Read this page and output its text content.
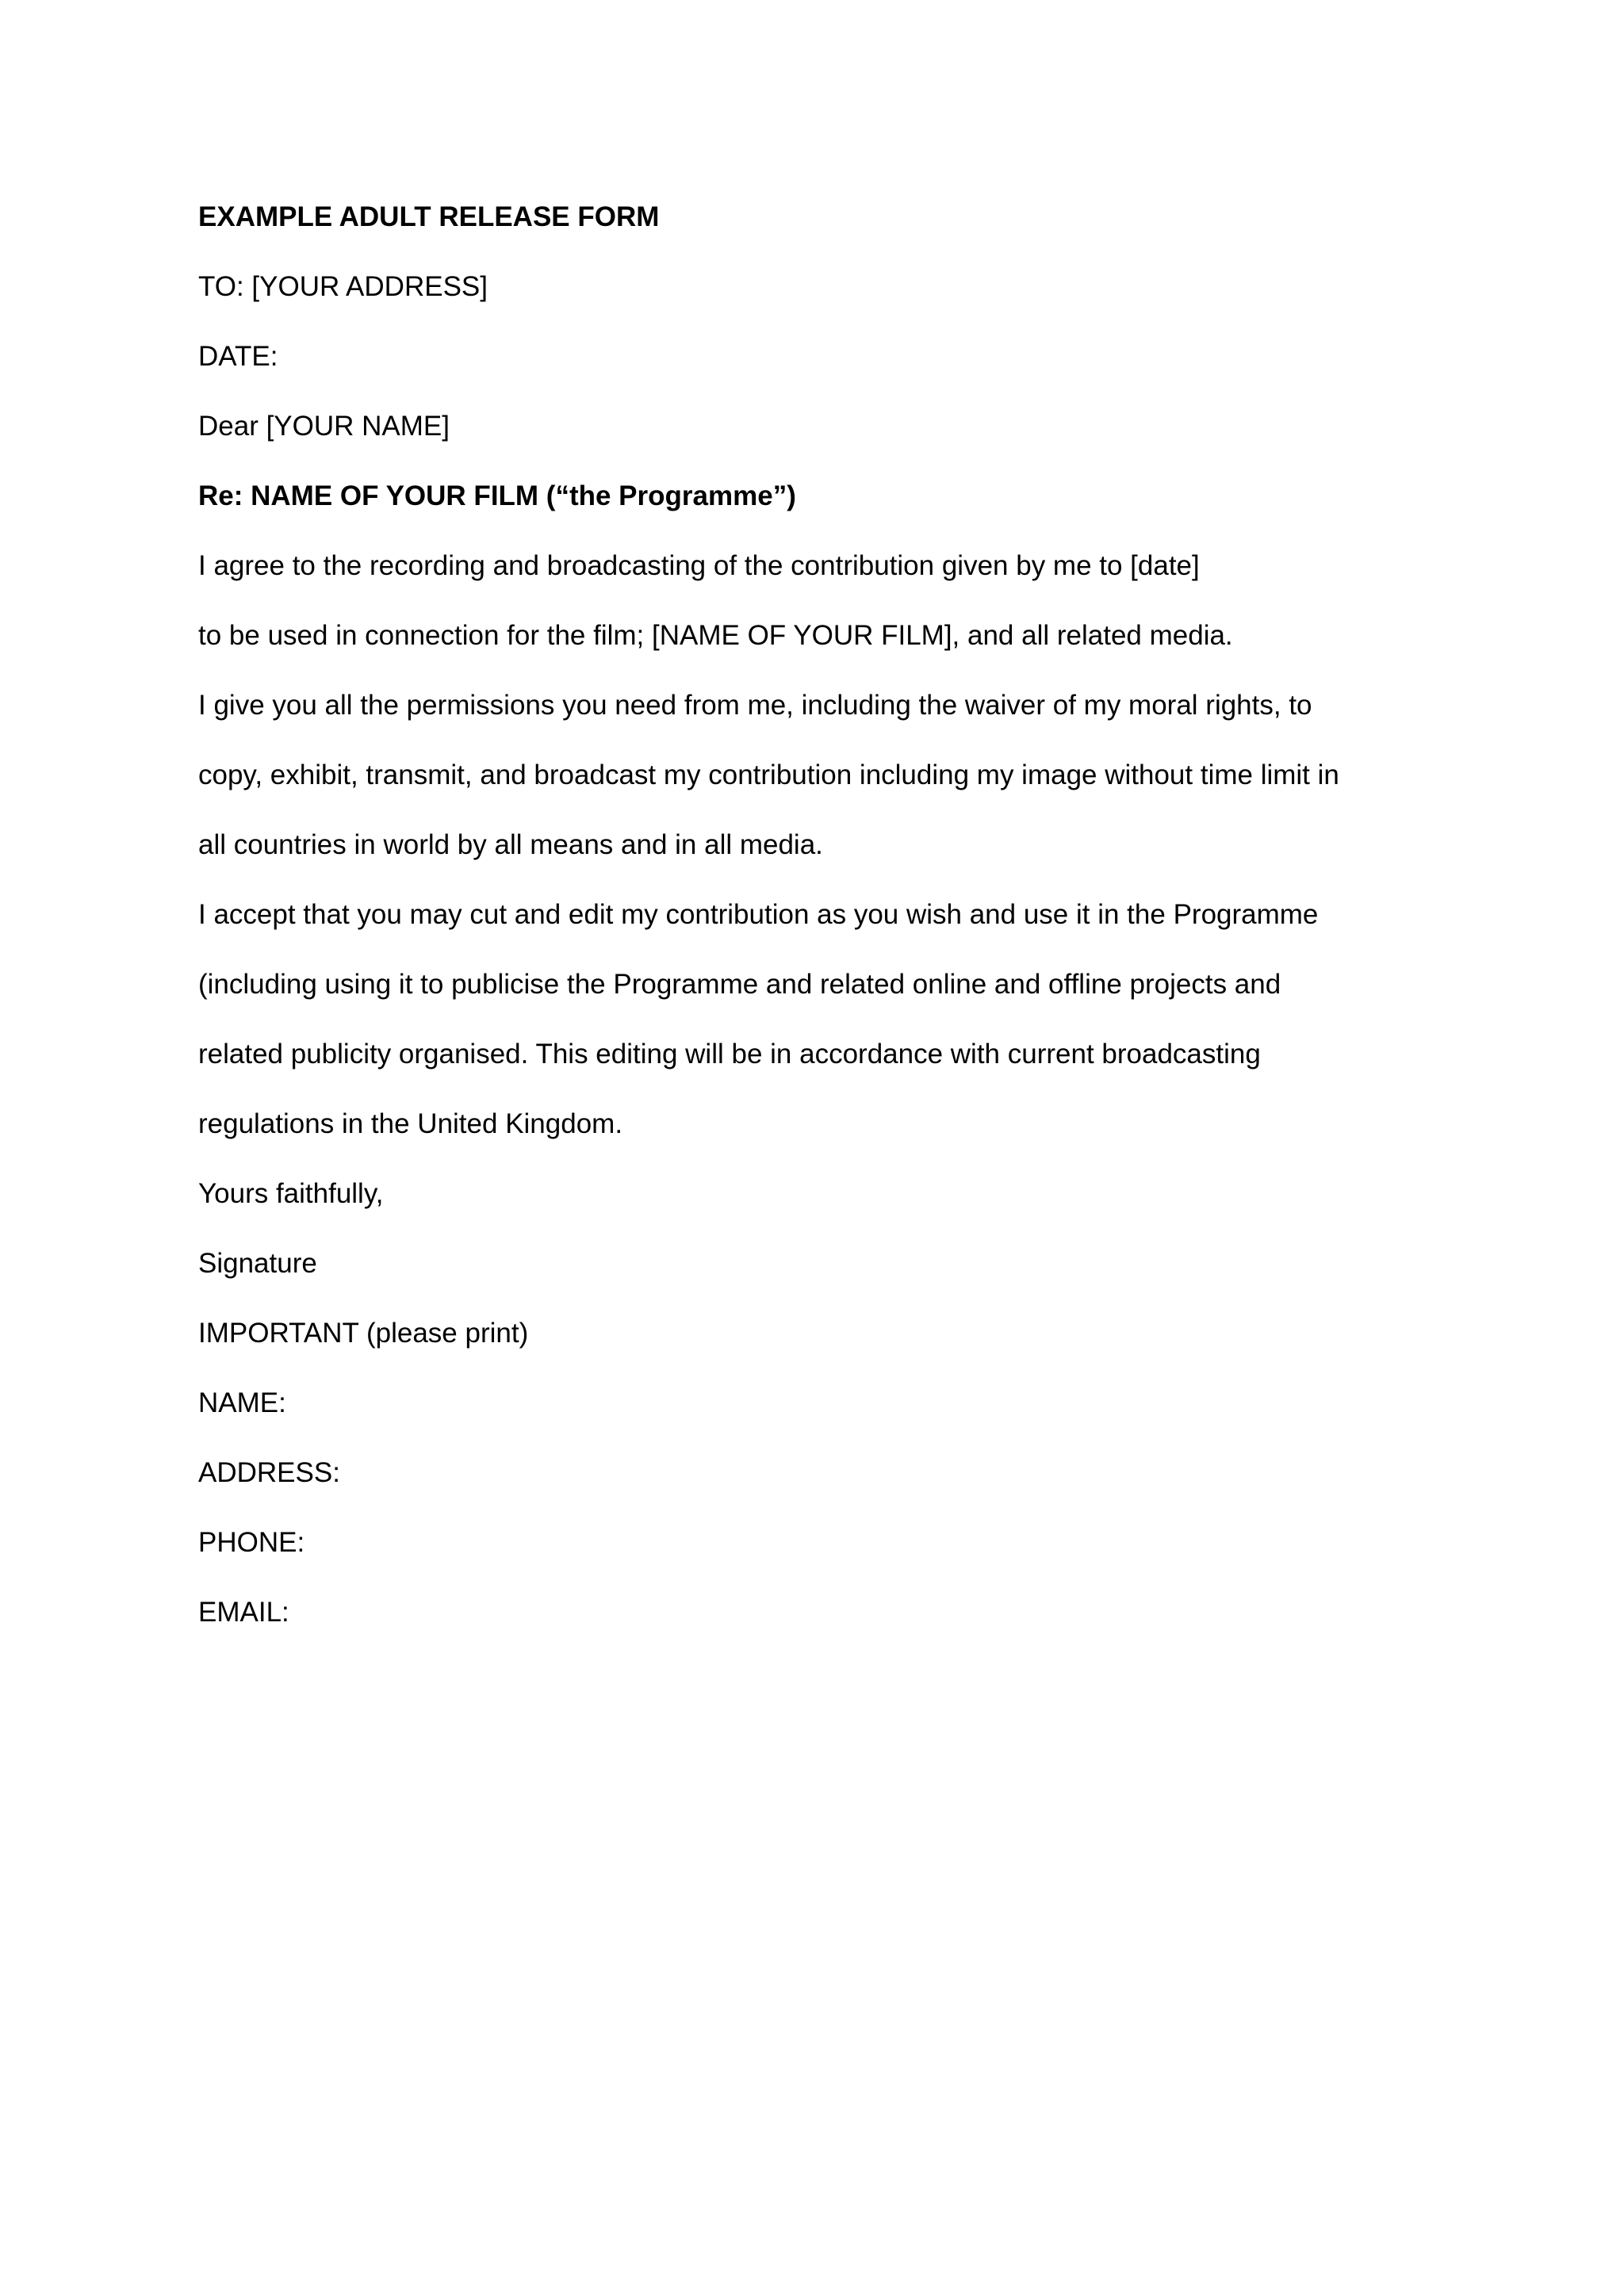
EXAMPLE ADULT RELEASE FORM
TO: [YOUR ADDRESS]
DATE:
Dear [YOUR NAME]
Re: NAME OF YOUR FILM (“the Programme”)
I agree to the recording and broadcasting of the contribution given by me to [date]
to be used in connection for the film; [NAME OF YOUR FILM], and all related media.
I give you all the permissions you need from me, including the waiver of my moral rights, to
copy, exhibit, transmit, and broadcast my contribution including my image without time limit in
all countries in world by all means and in all media.
I accept that you may cut and edit my contribution as you wish and use it in the Programme
(including using it to publicise the Programme and related online and offline projects and
related publicity organised. This editing will be in accordance with current broadcasting
regulations in the United Kingdom.
Yours faithfully,
Signature
IMPORTANT (please print)
NAME:
ADDRESS:
PHONE:
EMAIL:
